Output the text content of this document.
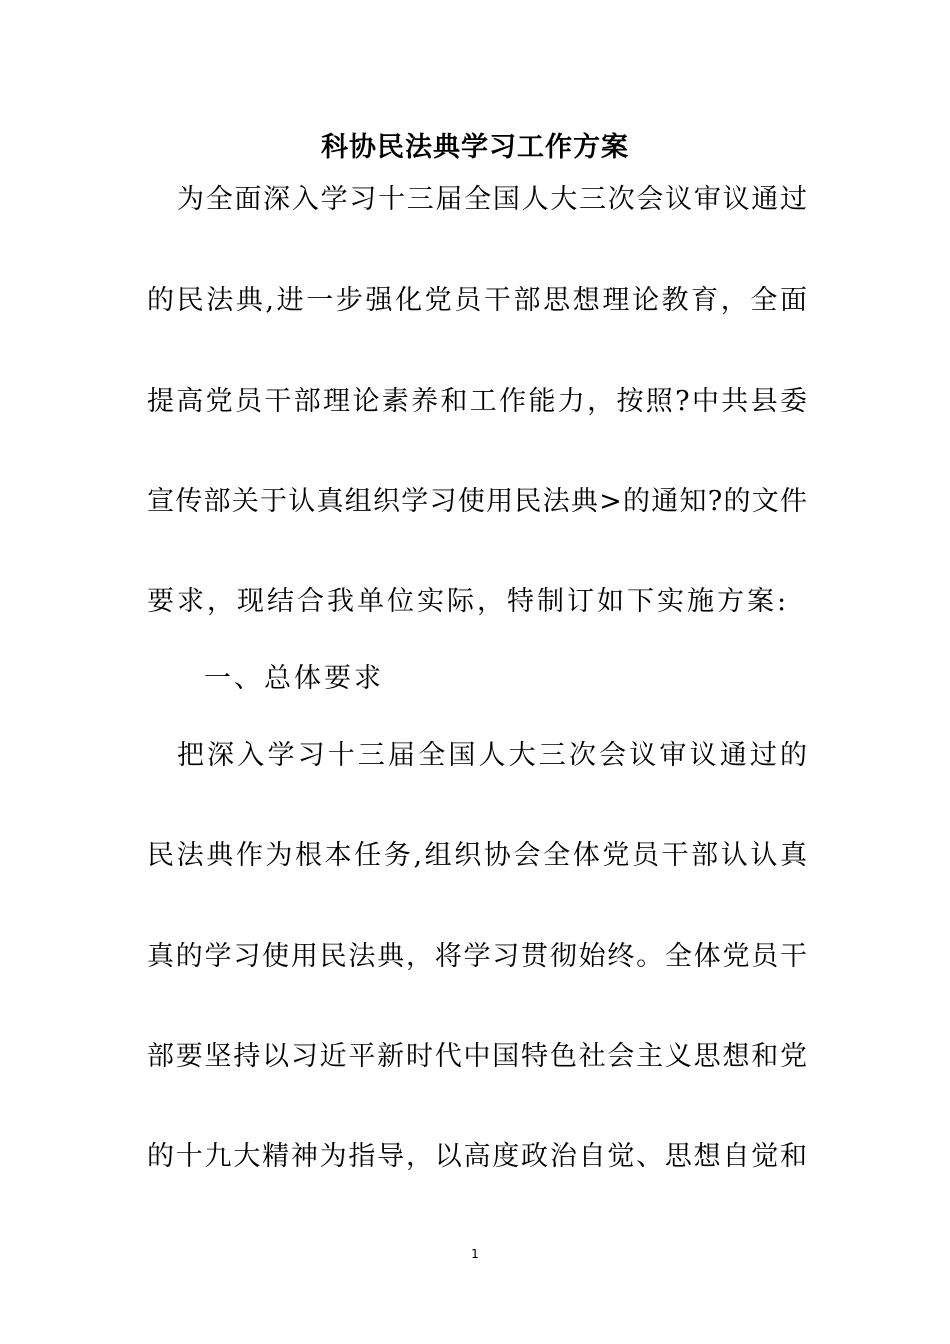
科协民法典学习工作方案
为全面深入学习十三届全国人大三次会议审议通过
的民法典,进一步强化党员干部思想理论教育，全面
提高党员干部理论素养和工作能力，按照?中共县委
宣传部关于认真组织学习使用民法典>的通知?的文件
要求，现结合我单位实际，特制订如下实施方案:
一、总体要求
把深入学习十三届全国人大三次会议审议通过的
民法典作为根本任务,组织协会全体党员干部认认真
真的学习使用民法典，将学习贯彻始终。全体党员干
部要坚持以习近平新时代中国特色社会主义思想和党
的十九大精神为指导，以高度政治自觉、思想自觉和
1
